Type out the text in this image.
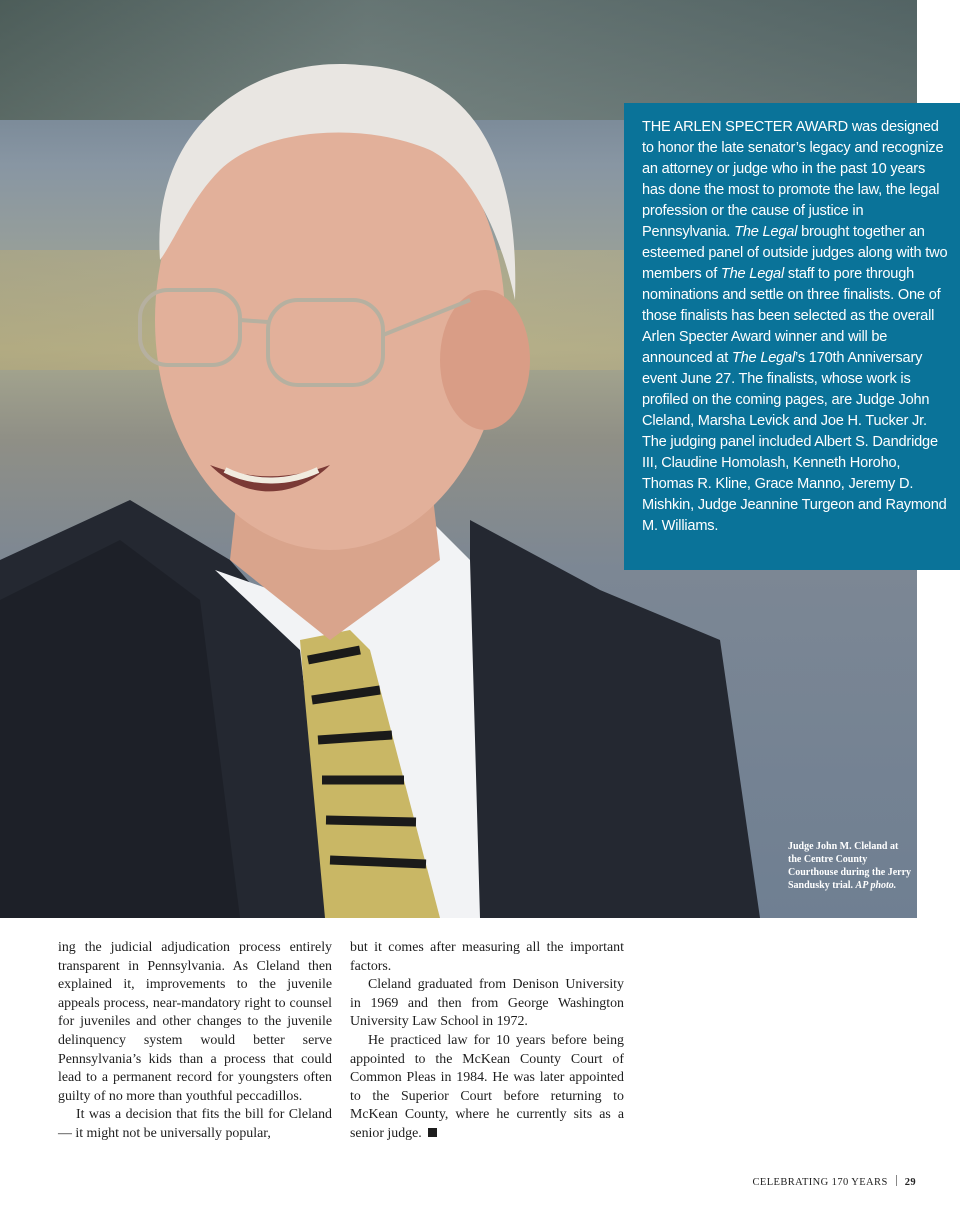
THE ARLEN SPECTER AWARD was designed to honor the late senator’s legacy and recognize an attorney or judge who in the past 10 years has done the most to promote the law, the legal profession or the cause of justice in Pennsylvania. The Legal brought together an esteemed panel of outside judges along with two members of The Legal staff to pore through nominations and settle on three finalists. One of those finalists has been selected as the overall Arlen Specter Award winner and will be announced at The Legal’s 170th Anniversary event June 27. The finalists, whose work is profiled on the coming pages, are Judge John Cleland, Marsha Levick and Joe H. Tucker Jr. The judging panel included Albert S. Dandridge III, Claudine Homolash, Kenneth Horoho, Thomas R. Kline, Grace Manno, Jeremy D. Mishkin, Judge Jeannine Turgeon and Raymond M. Williams.

Judge John M. Cleland at the Centre County Courthouse during the Jerry Sandusky trial. AP photo.

ing the judicial adjudication process entirely transparent in Pennsylvania. As Cleland then explained it, improvements to the juvenile appeals process, near-mandatory right to counsel for juveniles and other changes to the juvenile delinquency system would better serve Pennsylvania’s kids than a process that could lead to a permanent record for youngsters often guilty of no more than youthful peccadillos.

It was a decision that fits the bill for Cleland — it might not be universally popular,

but it comes after measuring all the important factors.

Cleland graduated from Denison University in 1969 and then from George Washington University Law School in 1972.

He practiced law for 10 years before being appointed to the McKean County Court of Common Pleas in 1984. He was later appointed to the Superior Court before returning to McKean County, where he currently sits as a senior judge.

CELEBRATING 170 YEARS 29
